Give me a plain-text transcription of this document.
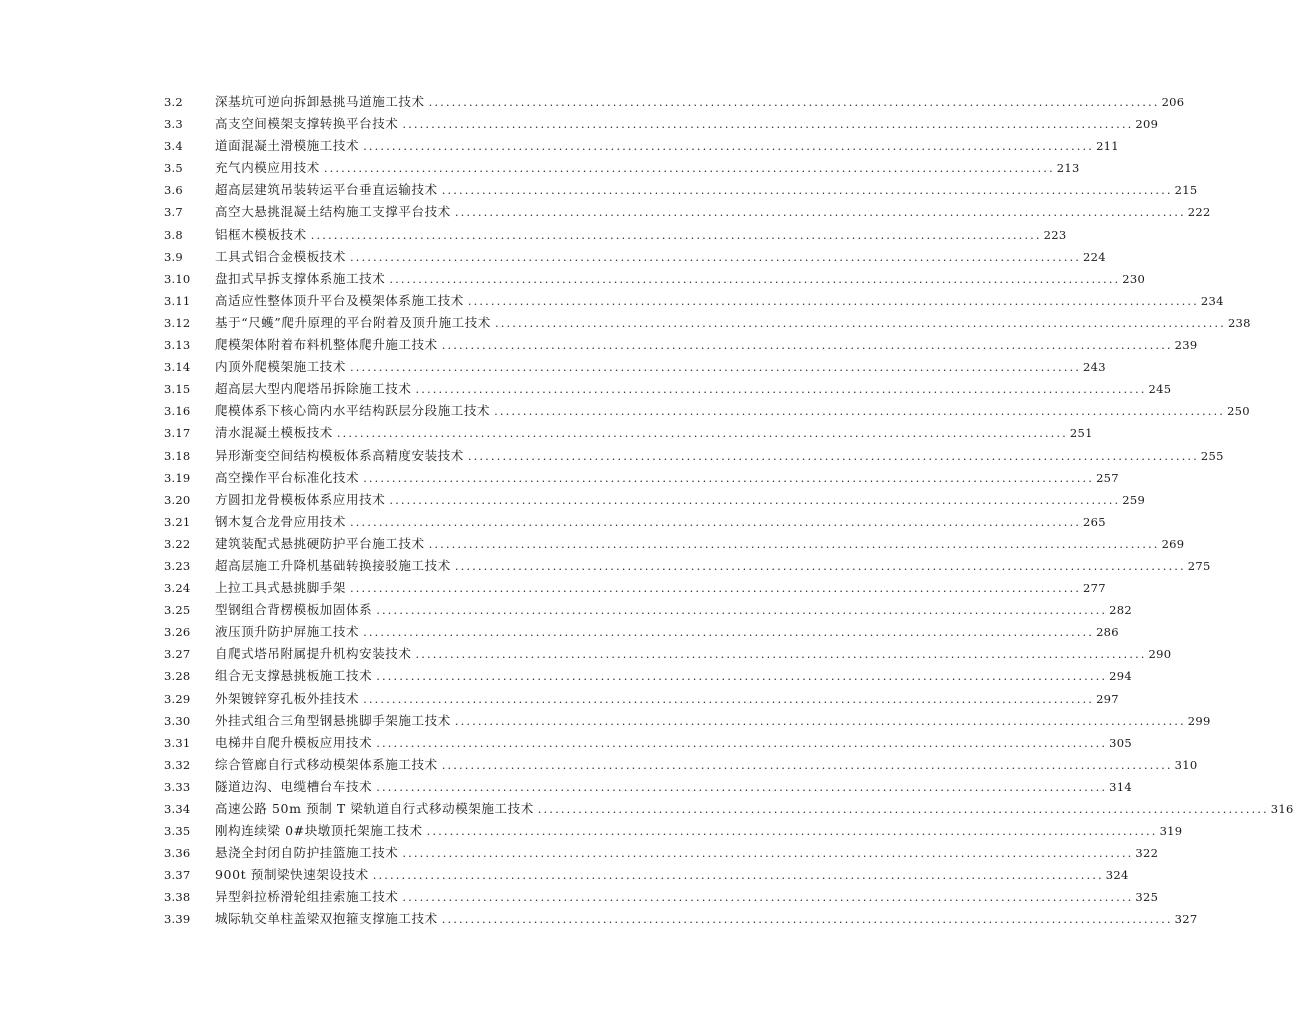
3.2	深基坑可逆向拆卸悬挑马道施工技术 ............................................................................................................................... 206
3.3	高支空间模架支撑转换平台技术 ............................................................................................................................... 209
3.4	道面混凝土滑模施工技术 ............................................................................................................................... 211
3.5	充气内模应用技术 ............................................................................................................................... 213
3.6	超高层建筑吊装转运平台垂直运输技术 ............................................................................................................................... 215
3.7	高空大悬挑混凝土结构施工支撑平台技术 ............................................................................................................................... 222
3.8	铝框木模板技术 ............................................................................................................................... 223
3.9	工具式铝合金模板技术 ............................................................................................................................... 224
3.10 盘扣式早拆支撑体系施工技术 ............................................................................................................................... 230
3.11 高适应性整体顶升平台及模架体系施工技术 ............................................................................................................................... 234
3.12 基于“尺蠖”爬升原理的平台附着及顶升施工技术 ............................................................................................................................... 238
3.13 爬模架体附着布料机整体爬升施工技术 ............................................................................................................................... 239
3.14 内顶外爬模架施工技术 ............................................................................................................................... 243
3.15 超高层大型内爬塔吊拆除施工技术 ............................................................................................................................... 245
3.16 爬模体系下核心筒内水平结构跃层分段施工技术 ............................................................................................................................... 250
3.17 清水混凝土模板技术 ............................................................................................................................... 251
3.18 异形渐变空间结构模板体系高精度安装技术 ............................................................................................................................... 255
3.19 高空操作平台标准化技术 ............................................................................................................................... 257
3.20 方圆扣龙骨模板体系应用技术 ............................................................................................................................... 259
3.21 钢木复合龙骨应用技术 ............................................................................................................................... 265
3.22 建筑装配式悬挑硬防护平台施工技术 ............................................................................................................................... 269
3.23 超高层施工升降机基础转换接驳施工技术 ............................................................................................................................... 275
3.24 上拉工具式悬挑脚手架 ............................................................................................................................... 277
3.25 型钢组合背楞模板加固体系 ............................................................................................................................... 282
3.26 液压顶升防护屏施工技术 ............................................................................................................................... 286
3.27 自爬式塔吊附属提升机构安装技术 ............................................................................................................................... 290
3.28 组合无支撑悬挑板施工技术 ............................................................................................................................... 294
3.29 外架镀锌穿孔板外挂技术 ............................................................................................................................... 297
3.30 外挂式组合三角型钢悬挑脚手架施工技术 ............................................................................................................................... 299
3.31 电梯井自爬升模板应用技术 ............................................................................................................................... 305
3.32 综合管廊自行式移动模架体系施工技术 ............................................................................................................................... 310
3.33 隧道边沟、电缆槽台车技术 ............................................................................................................................... 314
3.34 高速公路 50m 预制 T 梁轨道自行式移动模架施工技术 ............................................................................................................................... 316
3.35 刚构连续梁 0#块墩顶托架施工技术 ............................................................................................................................... 319
3.36 悬浇全封闭自防护挂篮施工技术 ............................................................................................................................... 322
3.37 900t 预制梁快速架设技术 ............................................................................................................................... 324
3.38 异型斜拉桥滑轮组挂索施工技术 ............................................................................................................................... 325
3.39 城际轨交单柱盖梁双抱箍支撑施工技术 ............................................................................................................................... 327
